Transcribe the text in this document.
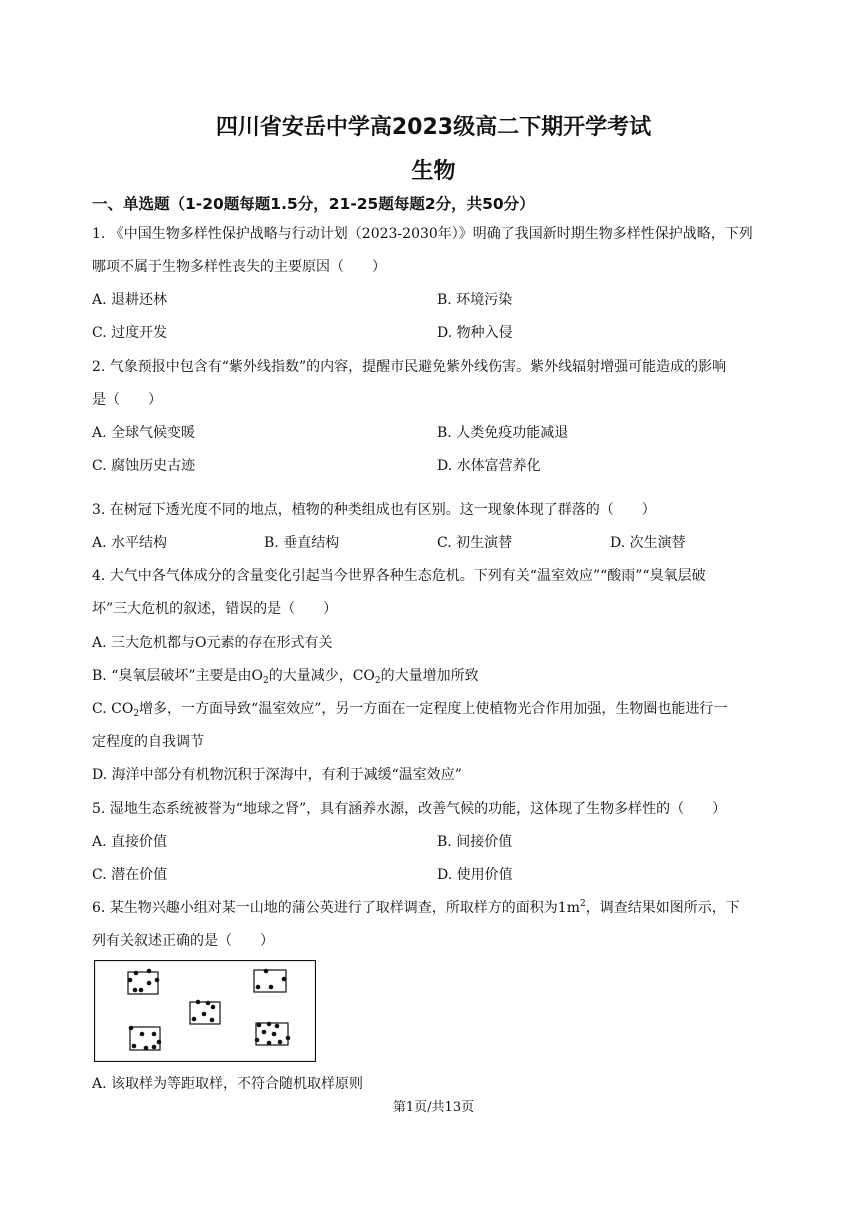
四川省安岳中学高2023级高二下期开学考试
生物
一、单选题（1-20题每题1.5分，21-25题每题2分，共50分）
1. 《中国生物多样性保护战略与行动计划（2023-2030年）》明确了我国新时期生物多样性保护战略，下列
哪项不属于生物多样性丧失的主要原因（　　）
A. 退耕还林	B. 环境污染
C. 过度开发	D. 物种入侵
2. 气象预报中包含有“紫外线指数”的内容，提醒市民避免紫外线伤害。紫外线辐射增强可能造成的影响
是（　　）
A. 全球气候变暖	B. 人类免疫功能减退
C. 腐蚀历史古迹	D. 水体富营养化
3. 在树冠下透光度不同的地点，植物的种类组成也有区别。这一现象体现了群落的（　　）
A. 水平结构	B. 垂直结构	C. 初生演替	D. 次生演替
4. 大气中各气体成分的含量变化引起当今世界各种生态危机。下列有关“温室效应”“酸雨”“臭氧层破
坏”三大危机的叙述，错误的是（　　）
A. 三大危机都与O元素的存在形式有关
B. “臭氧层破坏”主要是由$O_2$的大量减少，$CO_2$的大量增加所致
C. $CO_2$增多，一方面导致“温室效应”，另一方面在一定程度上使植物光合作用加强，生物圈也能进行一
定程度的自我调节
D. 海洋中部分有机物沉积于深海中，有利于减缓“温室效应”
5. 湿地生态系统被誉为“地球之肾”，具有涵养水源，改善气候的功能，这体现了生物多样性的（　　）
A. 直接价值	B. 间接价值
C. 潜在价值	D. 使用价值
6. 某生物兴趣小组对某一山地的蒲公英进行了取样调查，所取样方的面积为$1m^2$，调查结果如图所示，下
列有关叙述正确的是（　　）
A. 该取样为等距取样，不符合随机取样原则
第1页/共13页
